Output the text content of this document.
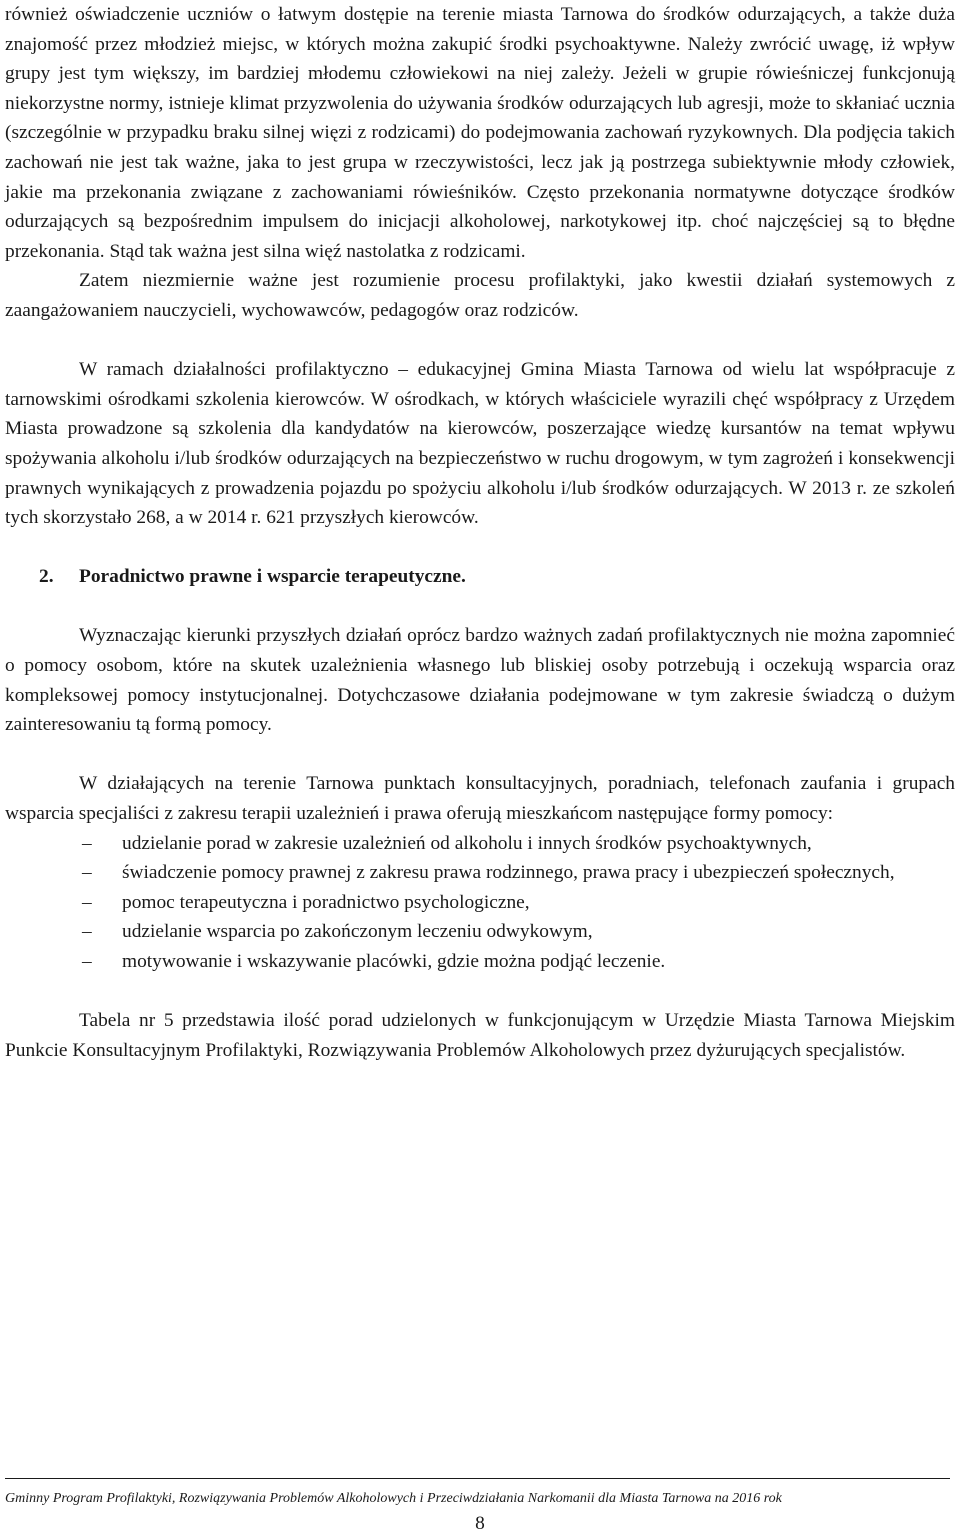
również oświadczenie uczniów o łatwym dostępie na terenie miasta Tarnowa do środków odurzających, a także duża znajomość przez młodzież miejsc, w których można zakupić środki psychoaktywne. Należy zwrócić uwagę, iż wpływ grupy jest tym większy, im bardziej młodemu człowiekowi na niej zależy. Jeżeli w grupie rówieśniczej funkcjonują niekorzystne normy, istnieje klimat przyzwolenia do używania środków odurzających lub agresji, może to skłaniać ucznia (szczególnie w przypadku braku silnej więzi z rodzicami) do podejmowania zachowań ryzykownych. Dla podjęcia takich zachowań nie jest tak ważne, jaka to jest grupa w rzeczywistości, lecz jak ją postrzega subiektywnie młody człowiek, jakie ma przekonania związane z zachowaniami rówieśników. Często przekonania normatywne dotyczące środków odurzających są bezpośrednim impulsem do inicjacji alkoholowej, narkotykowej itp. choć najczęściej są to błędne przekonania. Stąd tak ważna jest silna więź nastolatka z rodzicami.

Zatem niezmiernie ważne jest rozumienie procesu profilaktyki, jako kwestii działań systemowych z zaangażowaniem nauczycieli, wychowawców, pedagogów oraz rodziców.

W ramach działalności profilaktyczno – edukacyjnej Gmina Miasta Tarnowa od wielu lat współpracuje z tarnowskimi ośrodkami szkolenia kierowców. W ośrodkach, w których właściciele wyrazili chęć współpracy z Urzędem Miasta prowadzone są szkolenia dla kandydatów na kierowców, poszerzające wiedzę kursantów na temat wpływu spożywania alkoholu i/lub środków odurzających na bezpieczeństwo w ruchu drogowym, w tym zagrożeń i konsekwencji prawnych wynikających z prowadzenia pojazdu po spożyciu alkoholu i/lub środków odurzających. W 2013 r. ze szkoleń tych skorzystało 268, a w 2014 r. 621 przyszłych kierowców.

2. Poradnictwo prawne i wsparcie terapeutyczne.

Wyznaczając kierunki przyszłych działań oprócz bardzo ważnych zadań profilaktycznych nie można zapomnieć o pomocy osobom, które na skutek uzależnienia własnego lub bliskiej osoby potrzebują i oczekują wsparcia oraz kompleksowej pomocy instytucjonalnej. Dotychczasowe działania podejmowane w tym zakresie świadczą o dużym zainteresowaniu tą formą pomocy.

W działających na terenie Tarnowa punktach konsultacyjnych, poradniach, telefonach zaufania i grupach wsparcia specjaliści z zakresu terapii uzależnień i prawa oferują mieszkańcom następujące formy pomocy:

– udzielanie porad w zakresie uzależnień od alkoholu i innych środków psychoaktywnych,
– świadczenie pomocy prawnej z zakresu prawa rodzinnego, prawa pracy i ubezpieczeń społecznych,
– pomoc terapeutyczna i poradnictwo psychologiczne,
– udzielanie wsparcia po zakończonym leczeniu odwykowym,
– motywowanie i wskazywanie placówki, gdzie można podjąć leczenie.

Tabela nr 5 przedstawia ilość porad udzielonych w funkcjonującym w Urzędzie Miasta Tarnowa Miejskim Punkcie Konsultacyjnym Profilaktyki, Rozwiązywania Problemów Alkoholowych przez dyżurujących specjalistów.

Gminny Program Profilaktyki, Rozwiązywania Problemów Alkoholowych i Przeciwdziałania Narkomanii dla Miasta Tarnowa na 2016 rok
8
